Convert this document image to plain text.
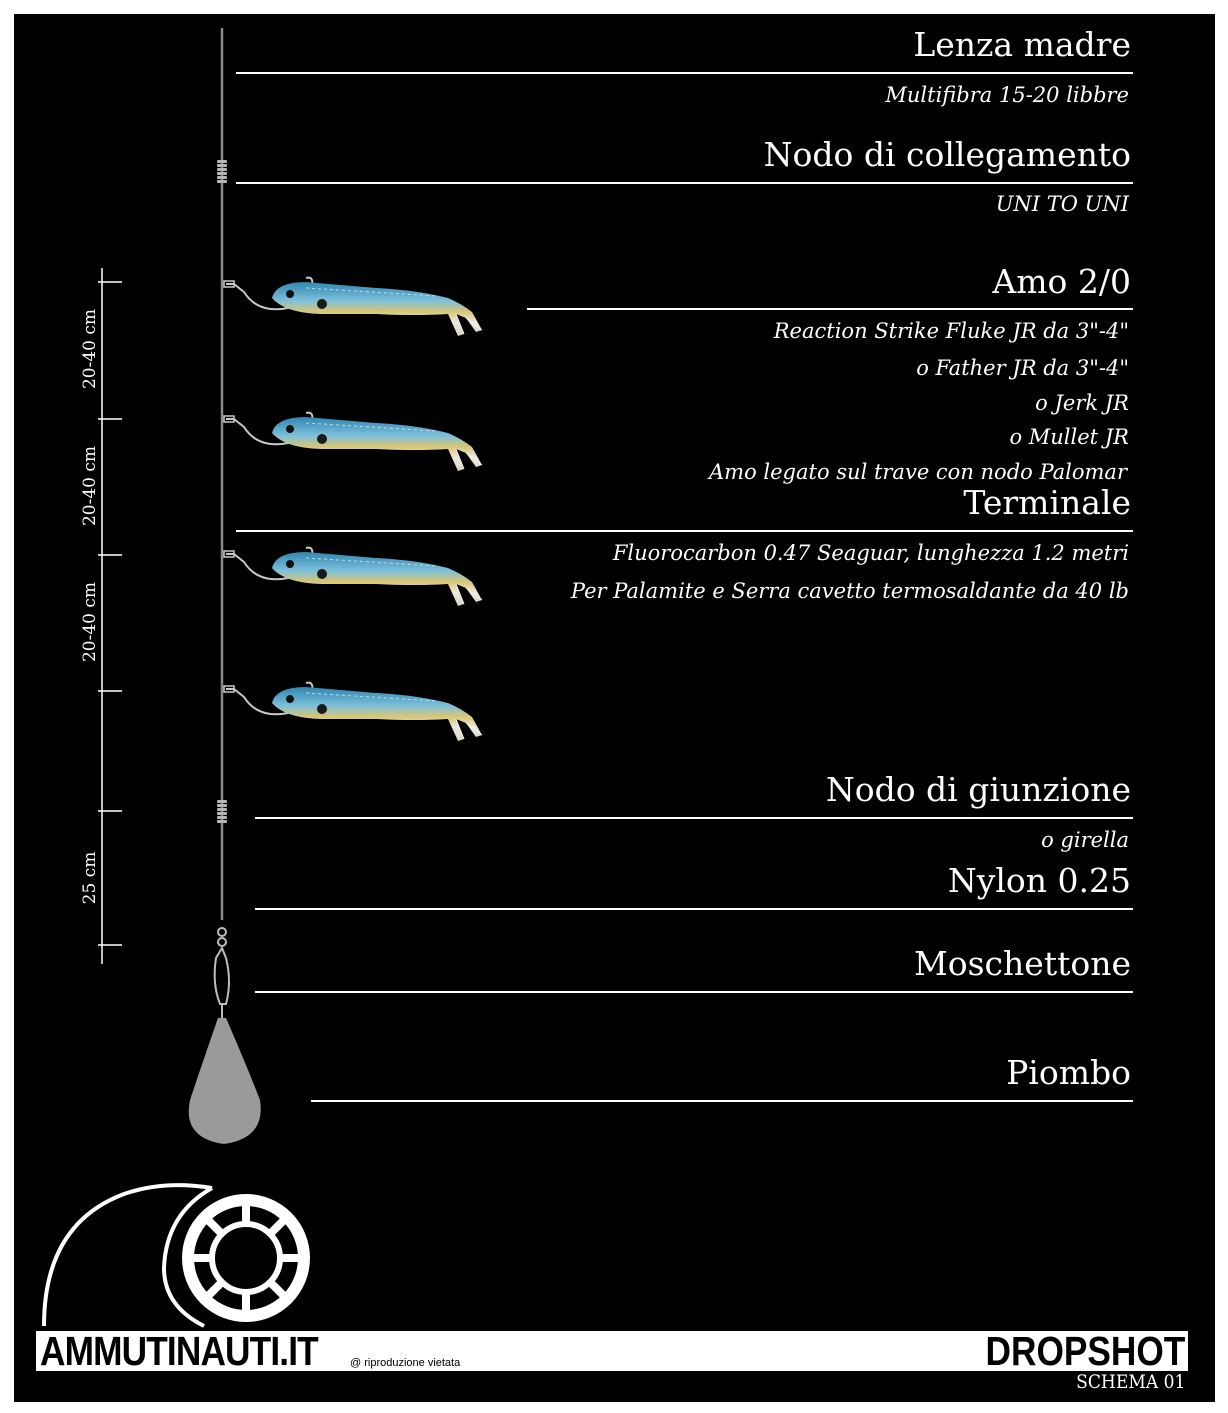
Lenza madre
Multifibra 15-20 libbre
Nodo di collegamento
UNI TO UNI
Amo 2/0
Reaction Strike Fluke JR da 3"-4"
o Father JR da 3"-4"
o Jerk JR
o Mullet JR
Amo legato sul trave con nodo Palomar
Terminale
Fluorocarbon 0.47 Seaguar, lunghezza 1.2 metri
Per Palamite e Serra cavetto termosaldante da 40 lb
Nodo di giunzione
o girella
Nylon 0.25
Moschettone
Piombo
20-40 cm
20-40 cm
20-40 cm
25 cm
AMMUTINAUTI.IT	@ riproduzione vietata	DROPSHOT
SCHEMA 01
